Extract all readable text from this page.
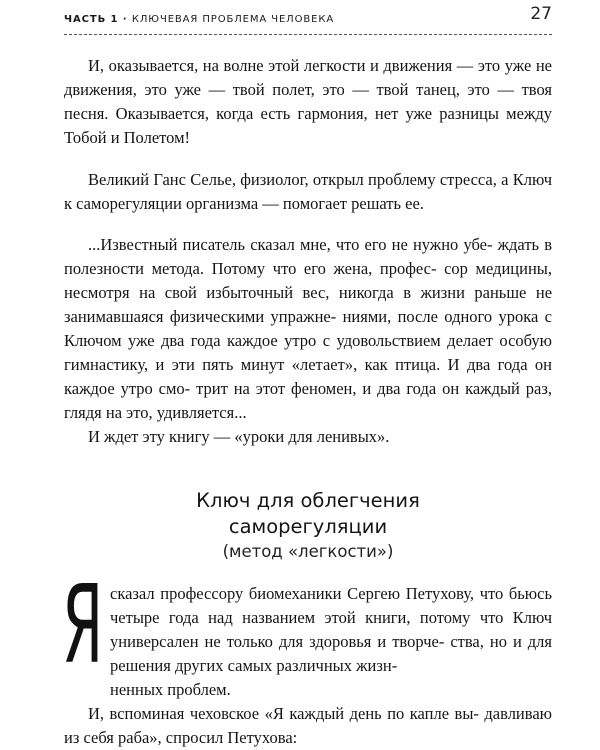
ЧАСТЬ 1 · КЛЮЧЕВАЯ ПРОБЛЕМА ЧЕЛОВЕКА	27

И, оказывается, на волне этой легкости и движения — это уже не движения, это уже — твой полет, это — твой танец, это — твоя песня. Оказывается, когда есть гармония, нет уже разницы между Тобой и Полетом!

Великий Ганс Селье, физиолог, открыл проблему стресса, а Ключ к саморегуляции организма — помогает решать ее.

...Известный писатель сказал мне, что его не нужно убе- ждать в полезности метода. Потому что его жена, профес- сор медицины, несмотря на свой избыточный вес, никогда в жизни раньше не занимавшаяся физическими упражне- ниями, после одного урока с Ключом уже два года каждое утро с удовольствием делает особую гимнастику, и эти пять минут «летает», как птица. И два года он каждое утро смо- трит на этот феномен, и два года он каждый раз, глядя на это, удивляется...

И ждет эту книгу — «уроки для ленивых».

Ключ для облегчения
саморегуляции
(метод «легкости»)
Я сказал профессору биомеханики Сергею Петухову, что бьюсь четыре года над названием этой книги, потому что Ключ универсален не только для здоровья и творче- ства, но и для решения других самых различных жизн-

ненных проблем.

И, вспоминая чеховское «Я каждый день по капле вы- давливаю из себя раба», спросил Петухова:
